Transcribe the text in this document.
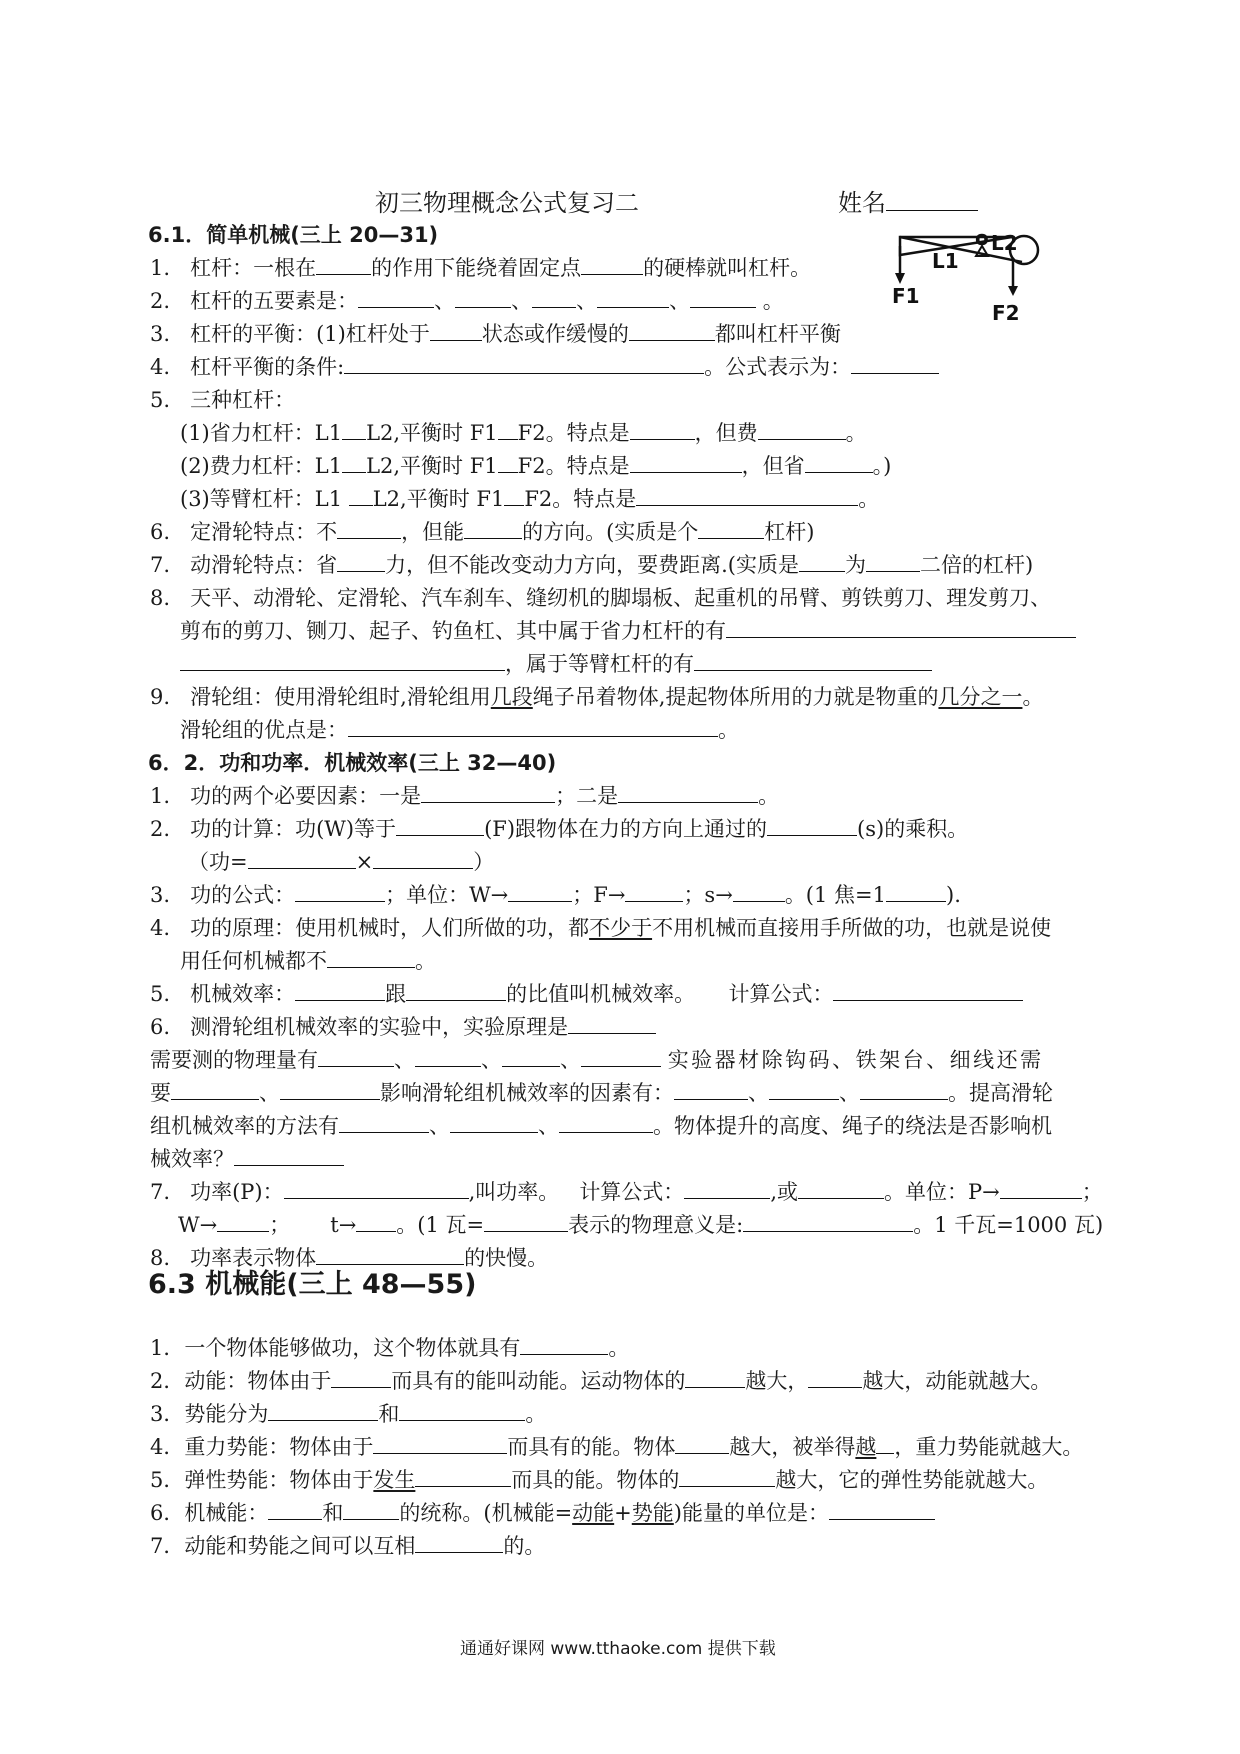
初三物理概念公式复习二	姓名
o
L1
L2
F1
F2
6.1．简单机械(三上 20—31)
1. 杠杆：一根在	的作用下能绕着固定点	的硬棒就叫杠杆。
2. 杠杆的五要素是：	、	、 、	、	。
3. 杠杆的平衡：(1)杠杆处于 状态或作缓慢的	都叫杠杆平衡
4. 杠杆平衡的条件:	。公式表示为：
5. 三种杠杆：
(1)省力杠杆：L1 L2,平衡时 F1 F2。特点是	，但费	。
(2)费力杠杆：L1 L2,平衡时 F1 F2。特点是	，但省	。)
(3)等臂杠杆：L1 L2,平衡时 F1 F2。特点是	。
6. 定滑轮特点：不	，但能	的方向。(实质是个	杠杆)
7. 动滑轮特点：省 力，但不能改变动力方向，要费距离.(实质是 为	二倍的杠杆)
8. 天平、动滑轮、定滑轮、汽车刹车、缝纫机的脚塌板、起重机的吊臂、剪铁剪刀、理发剪刀、
剪布的剪刀、铡刀、起子、钓鱼杠、其中属于省力杠杆的有
，属于等臂杠杆的有
9. 滑轮组：使用滑轮组时,滑轮组用几段绳子吊着物体,提起物体所用的力就是物重的几分之一。
滑轮组的优点是：	。
6．2．功和功率．机械效率(三上 32—40)
1. 功的两个必要因素：一是	；二是	。
2. 功的计算：功(W)等于	(F)跟物体在力的方向上通过的	(s)的乘积。
（功=	×	）
3. 功的公式：	；单位：W→	；F→	；s→ 。(1 焦=1	).
4. 功的原理：使用机械时，人们所做的功，都不少于不用机械而直接用手所做的功，也就是说使
用任何机械都不	。
5. 机械效率：	跟	的比值叫机械效率。 计算公式：
6. 测滑轮组机械效率的实验中，实验原理是
需要测的物理量有	、	、	、	实验器材除钩码、铁架台、细线还需
要	、	影响滑轮组机械效率的因素有：	、	、	。提高滑轮
组机械效率的方法有	、	、	。物体提升的高度、绳子的绕法是否影响机
械效率？
7. 功率(P)：	,叫功率。 计算公式：	,或	。单位：P→	；
W→ ； t→ 。(1 瓦=	表示的物理意义是:	。1 千瓦=1000 瓦)
8. 功率表示物体	的快慢。
6.3 机械能(三上 48—55)
1．一个物体能够做功，这个物体就具有	。
2．动能：物体由于	而具有的能叫动能。运动物体的	越大，	越大，动能就越大。
3．势能分为	和	。
4．重力势能：物体由于	而具有的能。物体	越大，被举得越 ，重力势能就越大。
5．弹性势能：物体由于发生	而具的能。物体的	越大，它的弹性势能就越大。
6．机械能：	和	的统称。(机械能=动能+势能)能量的单位是：
7．动能和势能之间可以互相	的。
通通好课网 www.tthaoke.com 提供下载
